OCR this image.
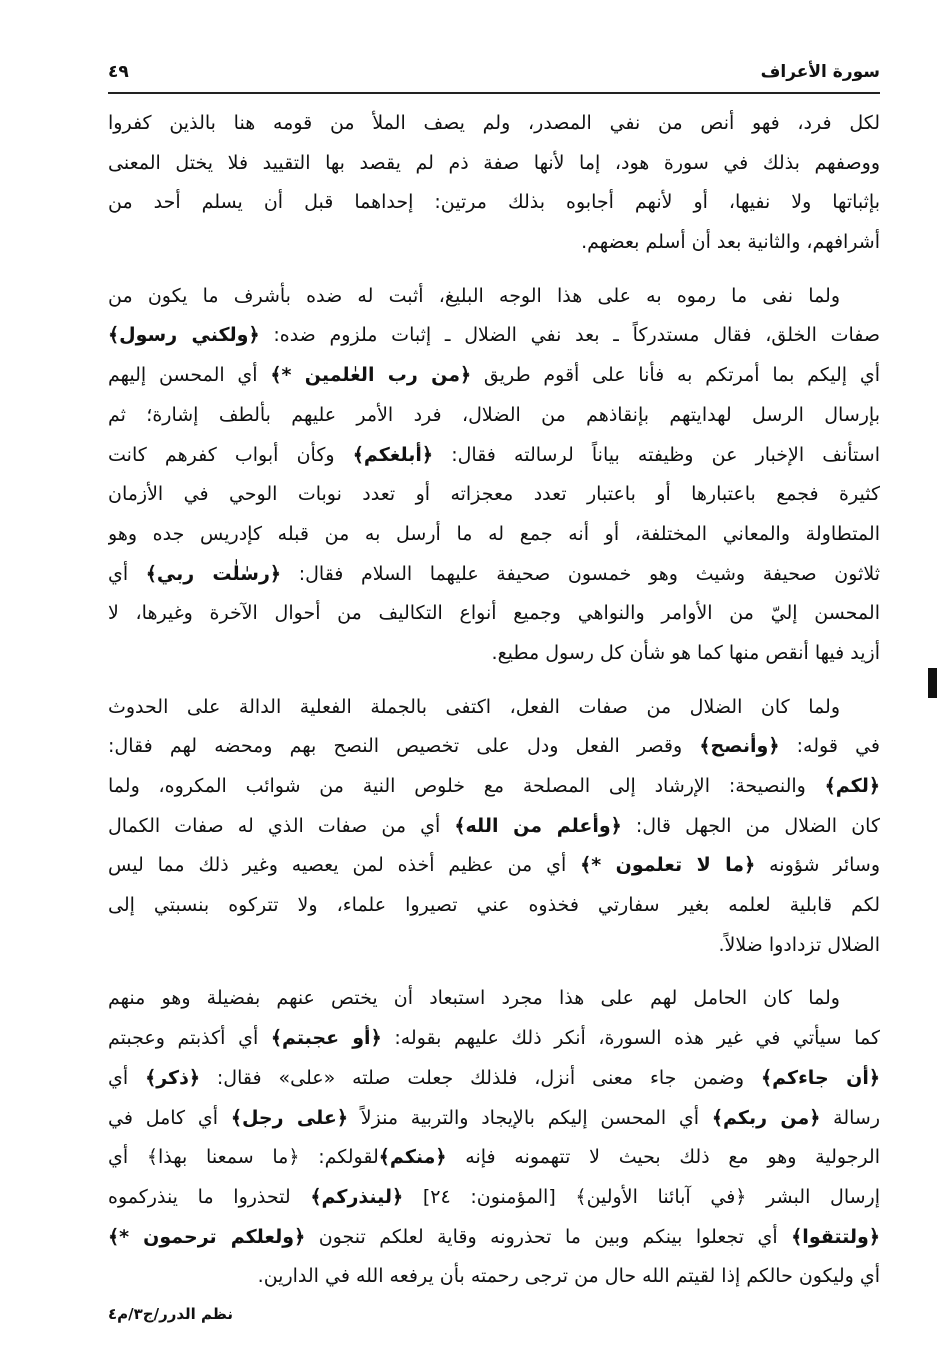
سورة الأعراف
٤٩
لكل فرد، فهو أنص من نفي المصدر، ولم يصف الملأ من قومه هنا بالذين كفروا
ووصفهم بذلك في سورة هود، إما لأنها صفة ذم لم يقصد بها التقييد فلا يختل المعنى
بإثباتها ولا نفيها، أو لأنهم أجابوه بذلك مرتين: إحداهما قبل أن يسلم أحد من
أشرافهم، والثانية بعد أن أسلم بعضهم.
ولما نفى ما رموه به على هذا الوجه البليغ، أثبت له ضده بأشرف ما يكون من
صفات الخلق، فقال مستدركاً ـ بعد نفي الضلال ـ إثبات ملزوم ضده: ﴿ولكني رسول﴾
أي إليكم بما أمرتكم به فأنا على أقوم طريق ﴿من رب العٰلمين *﴾ أي المحسن إليهم
بإرسال الرسل لهدايتهم بإنقاذهم من الضلال، فرد الأمر عليهم بألطف إشارة؛ ثم
استأنف الإخبار عن وظيفته بياناً لرسالته فقال: ﴿أبلغكم﴾ وكأن أبواب كفرهم كانت
كثيرة فجمع باعتبارها أو باعتبار تعدد معجزاته أو تعدد نوبات الوحي في الأزمان
المتطاولة والمعاني المختلفة، أو أنه جمع له ما أرسل به من قبله كإدريس جده وهو
ثلاثون صحيفة وشيث وهو خمسون صحيفة عليهما السلام فقال: ﴿رسٰلٰت ربي﴾ أي
المحسن إليّ من الأوامر والنواهي وجميع أنواع التكاليف من أحوال الآخرة وغيرها، لا
أزيد فيها أنقص منها كما هو شأن كل رسول مطيع.
ولما كان الضلال من صفات الفعل، اكتفى بالجملة الفعلية الدالة على الحدوث
في قوله: ﴿وأنصح﴾ وقصر الفعل ودل على تخصيص النصح بهم ومحضه لهم فقال:
﴿لكم﴾ والنصيحة: الإرشاد إلى المصلحة مع خلوص النية من شوائب المكروه، ولما
كان الضلال من الجهل قال: ﴿وأعلم من الله﴾ أي من صفات الذي له صفات الكمال
وسائر شؤونه ﴿ما لا تعلمون *﴾ أي من عظيم أخذه لمن يعصيه وغير ذلك مما ليس
لكم قابلية لعلمه بغير سفارتي فخذوه عني تصيروا علماء، ولا تتركوه بنسبتي إلى
الضلال تزدادوا ضلالاً.
ولما كان الحامل لهم على هذا مجرد استبعاد أن يختص عنهم بفضيلة وهو منهم
كما سيأتي في غير هذه السورة، أنكر ذلك عليهم بقوله: ﴿أو عجبتم﴾ أي أكذبتم وعجبتم
﴿أن جاءكم﴾ وضمن جاء معنى أنزل، فلذلك جعلت صلته «على» فقال: ﴿ذكر﴾ أي
رسالة ﴿من ربكم﴾ أي المحسن إليكم بالإيجاد والتربية منزلاً ﴿على رجل﴾ أي كامل في
الرجولية وهو مع ذلك بحيث لا تتهمونه فإنه ﴿منكم﴾لقولكم: ﴿ما سمعنا بهذا﴾ أي
إرسال البشر ﴿في آبائنا الأولين﴾ [المؤمنون: ٢٤] ﴿لينذركم﴾ لتحذروا ما ينذركموه
﴿ولتتقوا﴾ أي تجعلوا بينكم وبين ما تحذرونه وقاية لعلكم تنجون ﴿ولعلكم ترحمون *﴾
أي وليكون حالكم إذا لقيتم الله حال من ترجى رحمته بأن يرفعه الله في الدارين.
نظم الدرر/ج٣/م٤
